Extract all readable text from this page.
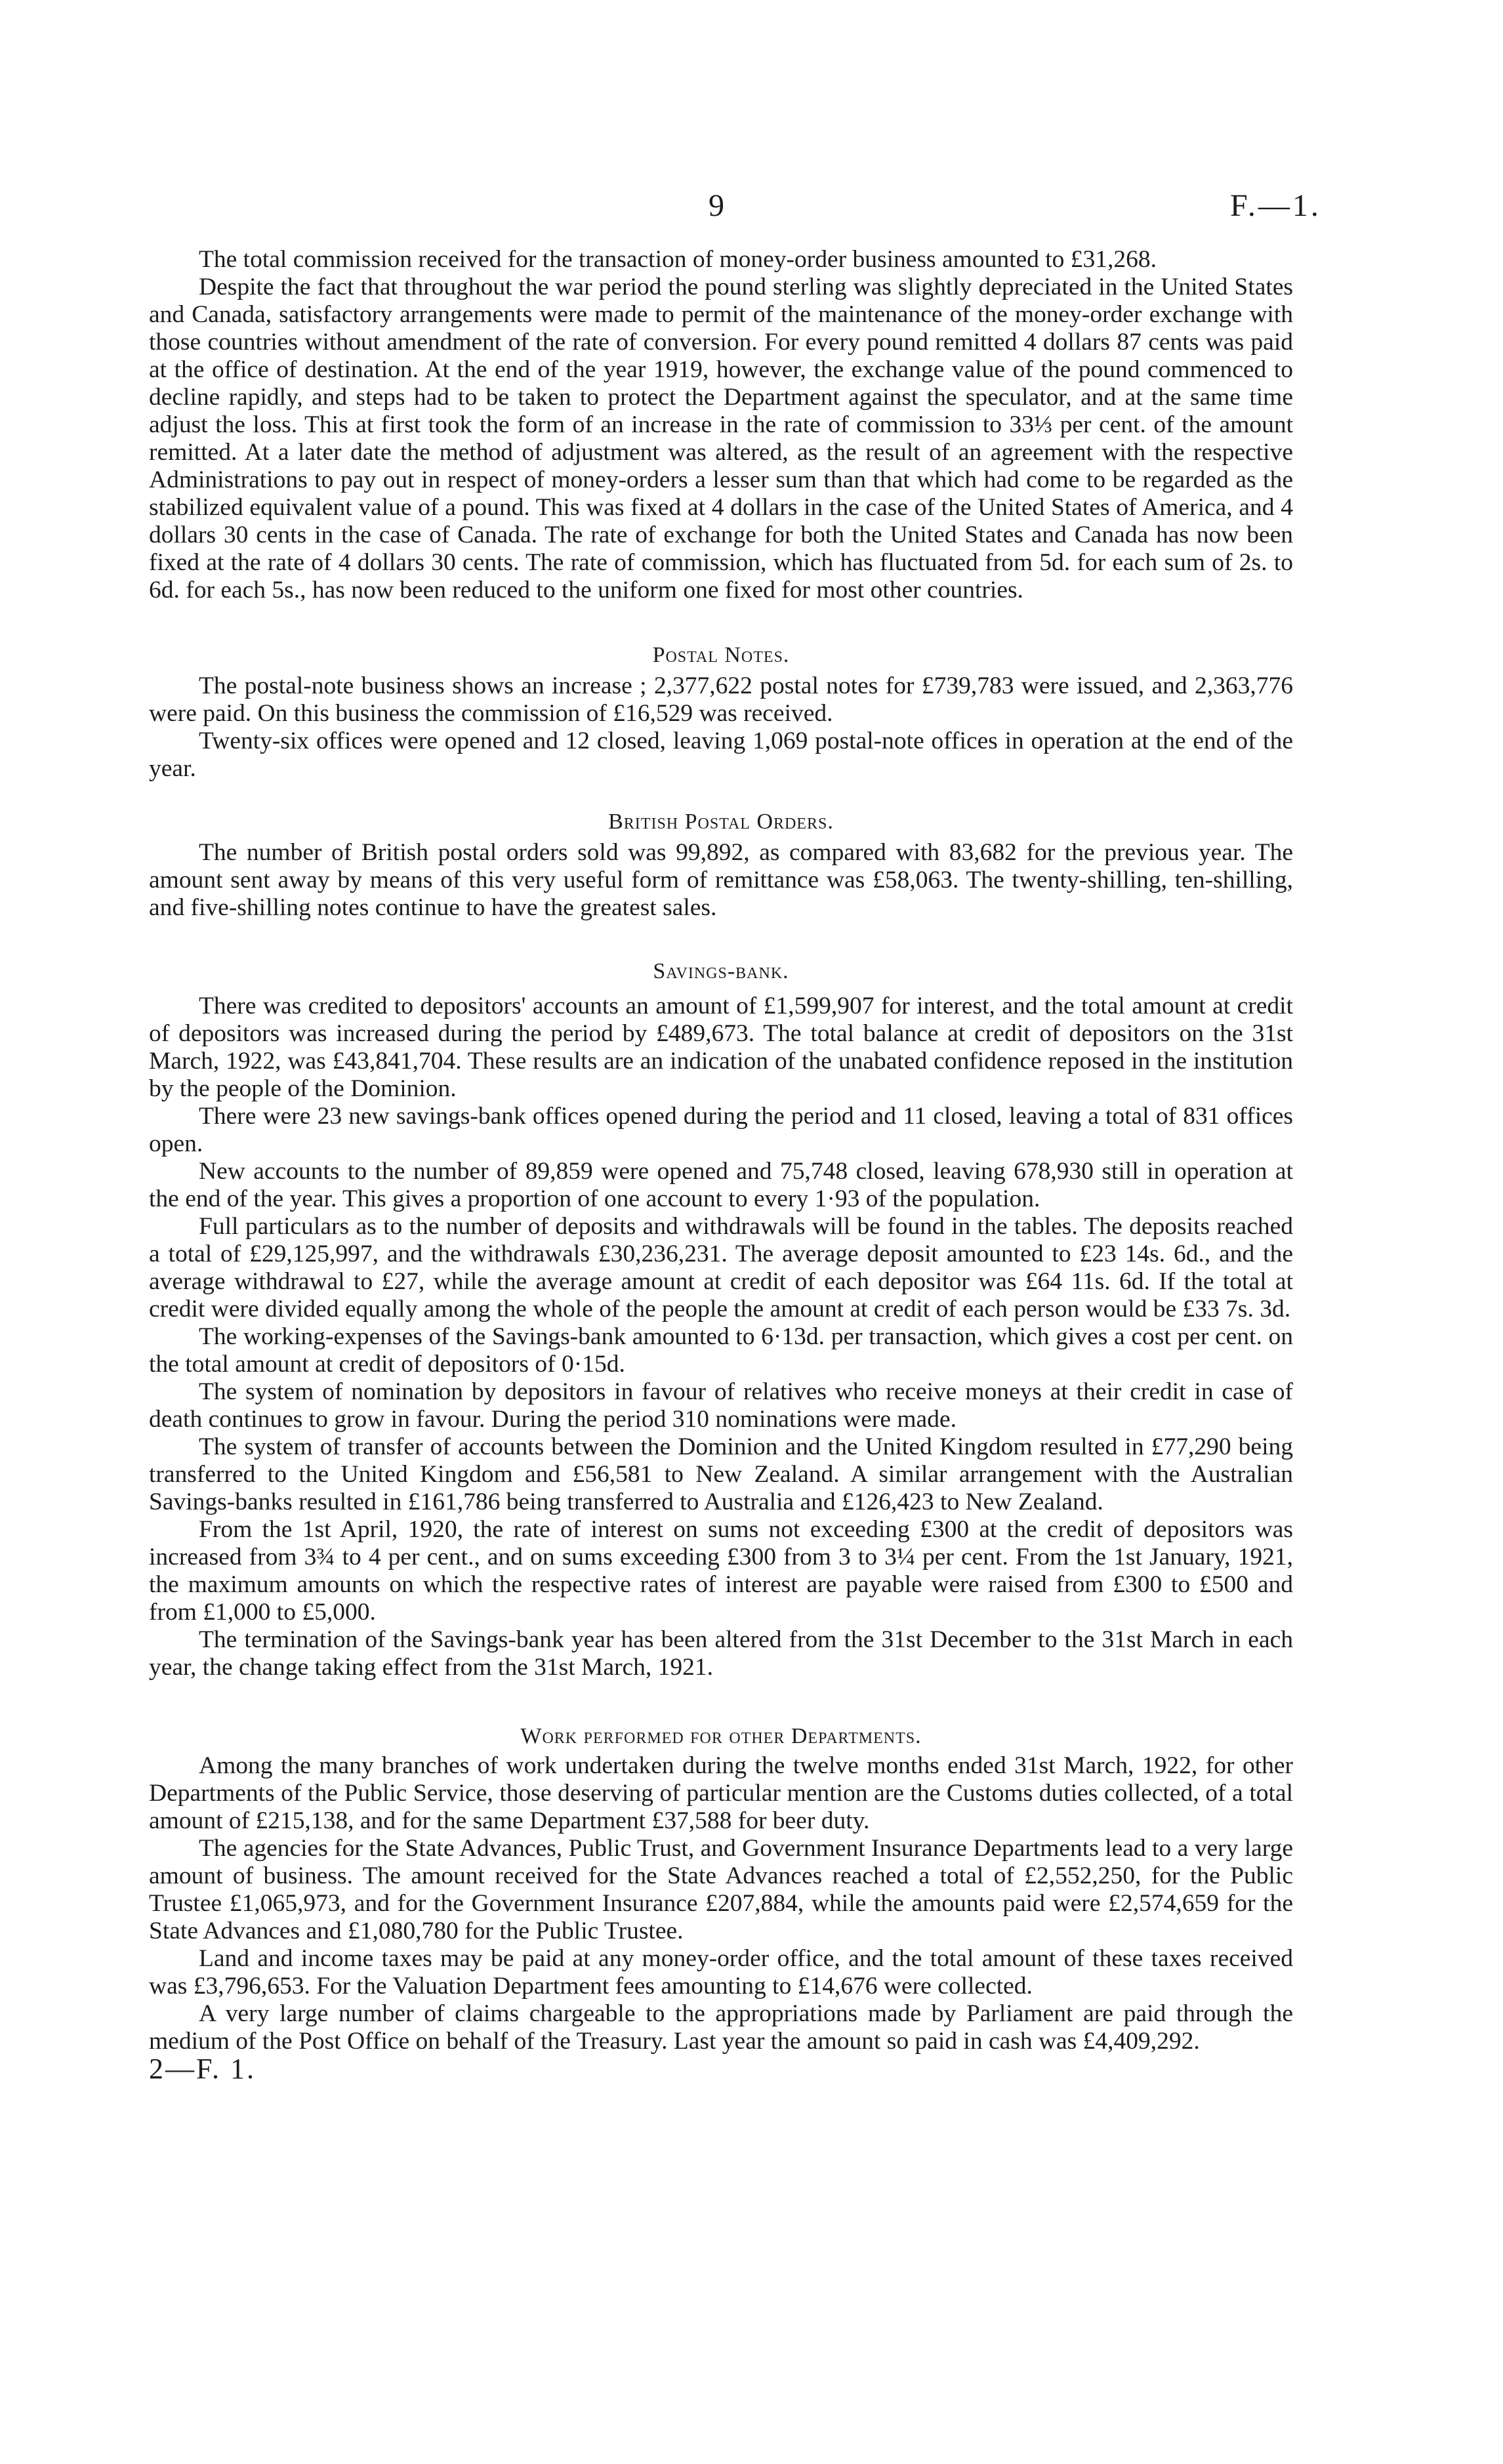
9	F.—1.

The total commission received for the transaction of money-order business amounted to £31,268.

Despite the fact that throughout the war period the pound sterling was slightly depreciated in the United States and Canada, satisfactory arrangements were made to permit of the maintenance of the money-order exchange with those countries without amendment of the rate of conversion. For every pound remitted 4 dollars 87 cents was paid at the office of destination. At the end of the year 1919, however, the exchange value of the pound commenced to decline rapidly, and steps had to be taken to protect the Department against the speculator, and at the same time adjust the loss. This at first took the form of an increase in the rate of commission to 33⅓ per cent. of the amount remitted. At a later date the method of adjustment was altered, as the result of an agreement with the respective Administrations to pay out in respect of money-orders a lesser sum than that which had come to be regarded as the stabilized equivalent value of a pound. This was fixed at 4 dollars in the case of the United States of America, and 4 dollars 30 cents in the case of Canada. The rate of exchange for both the United States and Canada has now been fixed at the rate of 4 dollars 30 cents. The rate of commission, which has fluctuated from 5d. for each sum of 2s. to 6d. for each 5s., has now been reduced to the uniform one fixed for most other countries.

Postal Notes.

The postal-note business shows an increase ; 2,377,622 postal notes for £739,783 were issued, and 2,363,776 were paid. On this business the commission of £16,529 was received.

Twenty-six offices were opened and 12 closed, leaving 1,069 postal-note offices in operation at the end of the year.

British Postal Orders.

The number of British postal orders sold was 99,892, as compared with 83,682 for the previous year. The amount sent away by means of this very useful form of remittance was £58,063. The twenty-shilling, ten-shilling, and five-shilling notes continue to have the greatest sales.

Savings-bank.

There was credited to depositors' accounts an amount of £1,599,907 for interest, and the total amount at credit of depositors was increased during the period by £489,673. The total balance at credit of depositors on the 31st March, 1922, was £43,841,704. These results are an indication of the unabated confidence reposed in the institution by the people of the Dominion.

There were 23 new savings-bank offices opened during the period and 11 closed, leaving a total of 831 offices open.

New accounts to the number of 89,859 were opened and 75,748 closed, leaving 678,930 still in operation at the end of the year. This gives a proportion of one account to every 1·93 of the population.

Full particulars as to the number of deposits and withdrawals will be found in the tables. The deposits reached a total of £29,125,997, and the withdrawals £30,236,231. The average deposit amounted to £23 14s. 6d., and the average withdrawal to £27, while the average amount at credit of each depositor was £64 11s. 6d. If the total at credit were divided equally among the whole of the people the amount at credit of each person would be £33 7s. 3d.

The working-expenses of the Savings-bank amounted to 6·13d. per transaction, which gives a cost per cent. on the total amount at credit of depositors of 0·15d.

The system of nomination by depositors in favour of relatives who receive moneys at their credit in case of death continues to grow in favour. During the period 310 nominations were made.

The system of transfer of accounts between the Dominion and the United Kingdom resulted in £77,290 being transferred to the United Kingdom and £56,581 to New Zealand. A similar arrangement with the Australian Savings-banks resulted in £161,786 being transferred to Australia and £126,423 to New Zealand.

From the 1st April, 1920, the rate of interest on sums not exceeding £300 at the credit of depositors was increased from 3¾ to 4 per cent., and on sums exceeding £300 from 3 to 3¼ per cent. From the 1st January, 1921, the maximum amounts on which the respective rates of interest are payable were raised from £300 to £500 and from £1,000 to £5,000.

The termination of the Savings-bank year has been altered from the 31st December to the 31st March in each year, the change taking effect from the 31st March, 1921.

Work performed for other Departments.

Among the many branches of work undertaken during the twelve months ended 31st March, 1922, for other Departments of the Public Service, those deserving of particular mention are the Customs duties collected, of a total amount of £215,138, and for the same Department £37,588 for beer duty.

The agencies for the State Advances, Public Trust, and Government Insurance Departments lead to a very large amount of business. The amount received for the State Advances reached a total of £2,552,250, for the Public Trustee £1,065,973, and for the Government Insurance £207,884, while the amounts paid were £2,574,659 for the State Advances and £1,080,780 for the Public Trustee.

Land and income taxes may be paid at any money-order office, and the total amount of these taxes received was £3,796,653. For the Valuation Department fees amounting to £14,676 were collected.

A very large number of claims chargeable to the appropriations made by Parliament are paid through the medium of the Post Office on behalf of the Treasury. Last year the amount so paid in cash was £4,409,292.

2—F. 1.
